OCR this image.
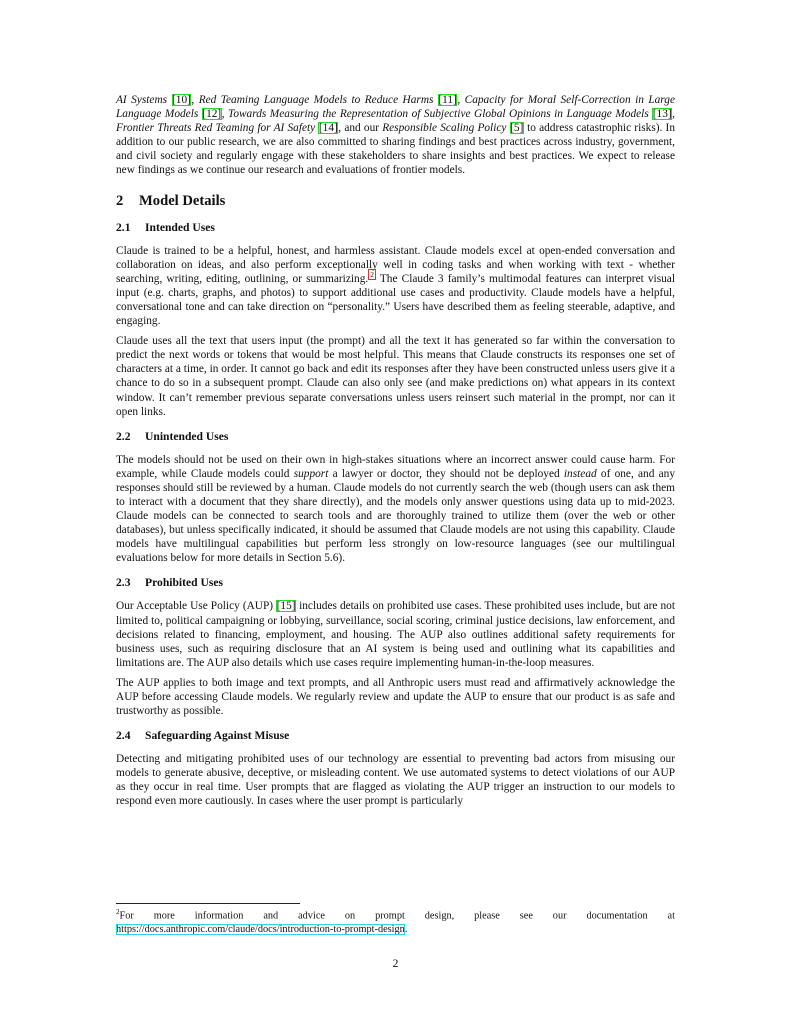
AI Systems [10], Red Teaming Language Models to Reduce Harms [11], Capacity for Moral Self-Correction in Large Language Models [12], Towards Measuring the Representation of Subjective Global Opinions in Language Models [13], Frontier Threats Red Teaming for AI Safety [14], and our Responsible Scaling Policy [5] to address catastrophic risks). In addition to our public research, we are also committed to sharing findings and best practices across industry, government, and civil society and regularly engage with these stakeholders to share insights and best practices. We expect to release new findings as we continue our research and evaluations of frontier models.

2 Model Details
2.1 Intended Uses

Claude is trained to be a helpful, honest, and harmless assistant. Claude models excel at open-ended conversation and collaboration on ideas, and also perform exceptionally well in coding tasks and when working with text - whether searching, writing, editing, outlining, or summarizing. $^2$ The Claude 3 family’s multimodal features can interpret visual input (e.g. charts, graphs, and photos) to support additional use cases and productivity. Claude models have a helpful, conversational tone and can take direction on “personality.” Users have described them as feeling steerable, adaptive, and engaging.

Claude uses all the text that users input (the prompt) and all the text it has generated so far within the conversation to predict the next words or tokens that would be most helpful. This means that Claude constructs its responses one set of characters at a time, in order. It cannot go back and edit its responses after they have been constructed unless users give it a chance to do so in a subsequent prompt. Claude can also only see (and make predictions on) what appears in its context window. It can’t remember previous separate conversations unless users reinsert such material in the prompt, nor can it open links.

2.2 Unintended Uses

The models should not be used on their own in high-stakes situations where an incorrect answer could cause harm. For example, while Claude models could support a lawyer or doctor, they should not be deployed instead of one, and any responses should still be reviewed by a human. Claude models do not currently search the web (though users can ask them to interact with a document that they share directly), and the models only answer questions using data up to mid-2023. Claude models can be connected to search tools and are thoroughly trained to utilize them (over the web or other databases), but unless specifically indicated, it should be assumed that Claude models are not using this capability. Claude models have multilingual capabilities but perform less strongly on low-resource languages (see our multilingual evaluations below for more details in Section 5.6).

2.3 Prohibited Uses

Our Acceptable Use Policy (AUP) [15] includes details on prohibited use cases. These prohibited uses include, but are not limited to, political campaigning or lobbying, surveillance, social scoring, criminal justice decisions, law enforcement, and decisions related to financing, employment, and housing. The AUP also outlines additional safety requirements for business uses, such as requiring disclosure that an AI system is being used and outlining what its capabilities and limitations are. The AUP also details which use cases require implementing human-in-the-loop measures.

The AUP applies to both image and text prompts, and all Anthropic users must read and affirmatively acknowledge the AUP before accessing Claude models. We regularly review and update the AUP to ensure that our product is as safe and trustworthy as possible.

2.4 Safeguarding Against Misuse

Detecting and mitigating prohibited uses of our technology are essential to preventing bad actors from misusing our models to generate abusive, deceptive, or misleading content. We use automated systems to detect violations of our AUP as they occur in real time. User prompts that are flagged as violating the AUP trigger an instruction to our models to respond even more cautiously. In cases where the user prompt is particularly

$^2$For more information and advice on prompt design, please see our documentation at https://docs.anthropic.com/claude/docs/introduction-to-prompt-design.
2
